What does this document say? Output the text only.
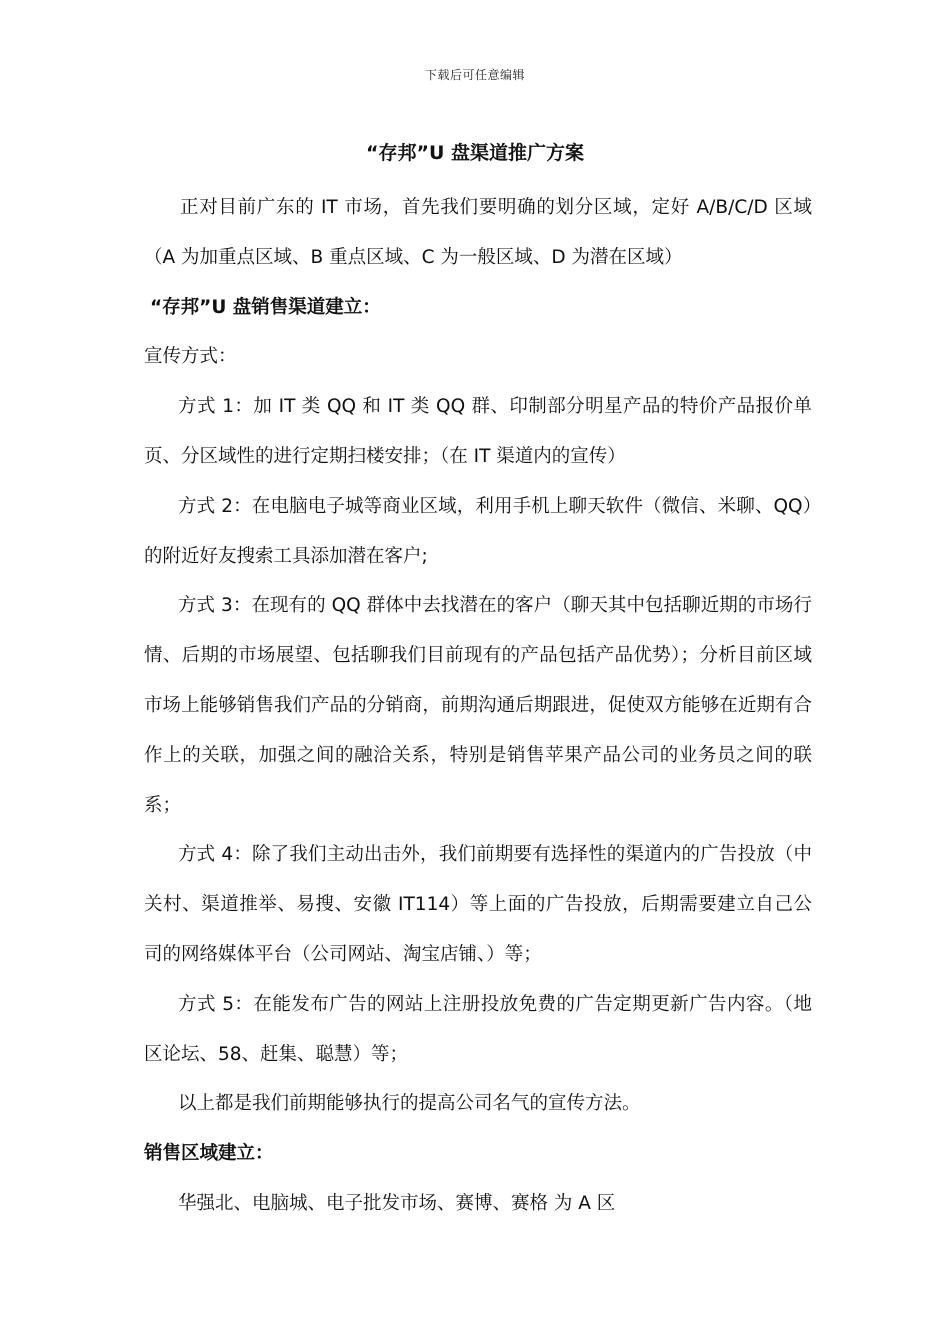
下载后可任意编辑
“存邦”U 盘渠道推广方案

正对目前广东的 IT 市场，首先我们要明确的划分区域，定好 A/B/C/D 区域（A 为加重点区域、B 重点区域、C 为一般区域、D 为潜在区域）

“存邦”U 盘销售渠道建立：

宣传方式：

方式 1：加 IT 类 QQ 和 IT 类 QQ 群、印制部分明星产品的特价产品报价单页、分区域性的进行定期扫楼安排；（在 IT 渠道内的宣传）

方式 2：在电脑电子城等商业区域，利用手机上聊天软件（微信、米聊、QQ）的附近好友搜索工具添加潜在客户;

方式 3：在现有的 QQ 群体中去找潜在的客户（聊天其中包括聊近期的市场行情、后期的市场展望、包括聊我们目前现有的产品包括产品优势）；分析目前区域市场上能够销售我们产品的分销商，前期沟通后期跟进，促使双方能够在近期有合作上的关联，加强之间的融洽关系，特别是销售苹果产品公司的业务员之间的联系；

方式 4：除了我们主动出击外，我们前期要有选择性的渠道内的广告投放（中关村、渠道推举、易搜、安徽 IT114）等上面的广告投放，后期需要建立自己公司的网络媒体平台（公司网站、淘宝店铺、）等；

方式 5：在能发布广告的网站上注册投放免费的广告定期更新广告内容。（地区论坛、58、赶集、聪慧）等；

以上都是我们前期能够执行的提高公司名气的宣传方法。

销售区域建立：

华强北、电脑城、电子批发市场、赛博、赛格 为 A 区
